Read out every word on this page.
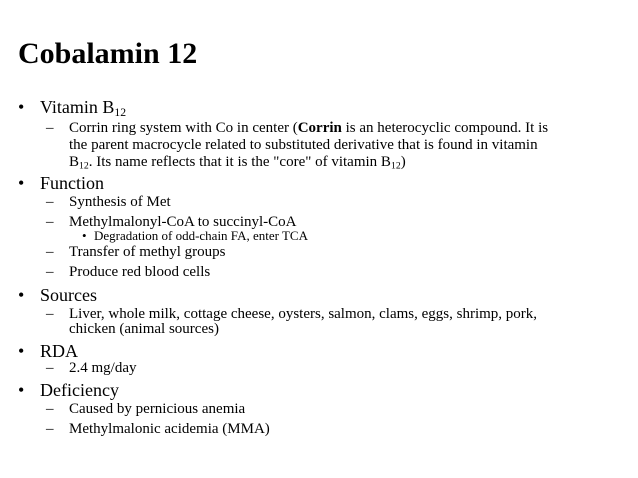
Cobalamin 12
• Vitamin $B_{12}$
– Corrin ring system with Co in center (Corrin is an heterocyclic compound. It is
the parent macrocycle related to substituted derivative that is found in vitamin
$B_{12}$. Its name reflects that it is the "core" of vitamin $B_{12}$)
• Function
– Synthesis of Met
– Methylmalonyl-CoA to succinyl-CoA
• Degradation of odd-chain FA, enter TCA
– Transfer of methyl groups
– Produce red blood cells
• Sources
– Liver, whole milk, cottage cheese, oysters, salmon, clams, eggs, shrimp, pork,
chicken (animal sources)
• RDA
– 2.4 mg/day
• Deficiency
– Caused by pernicious anemia
– Methylmalonic acidemia (MMA)
